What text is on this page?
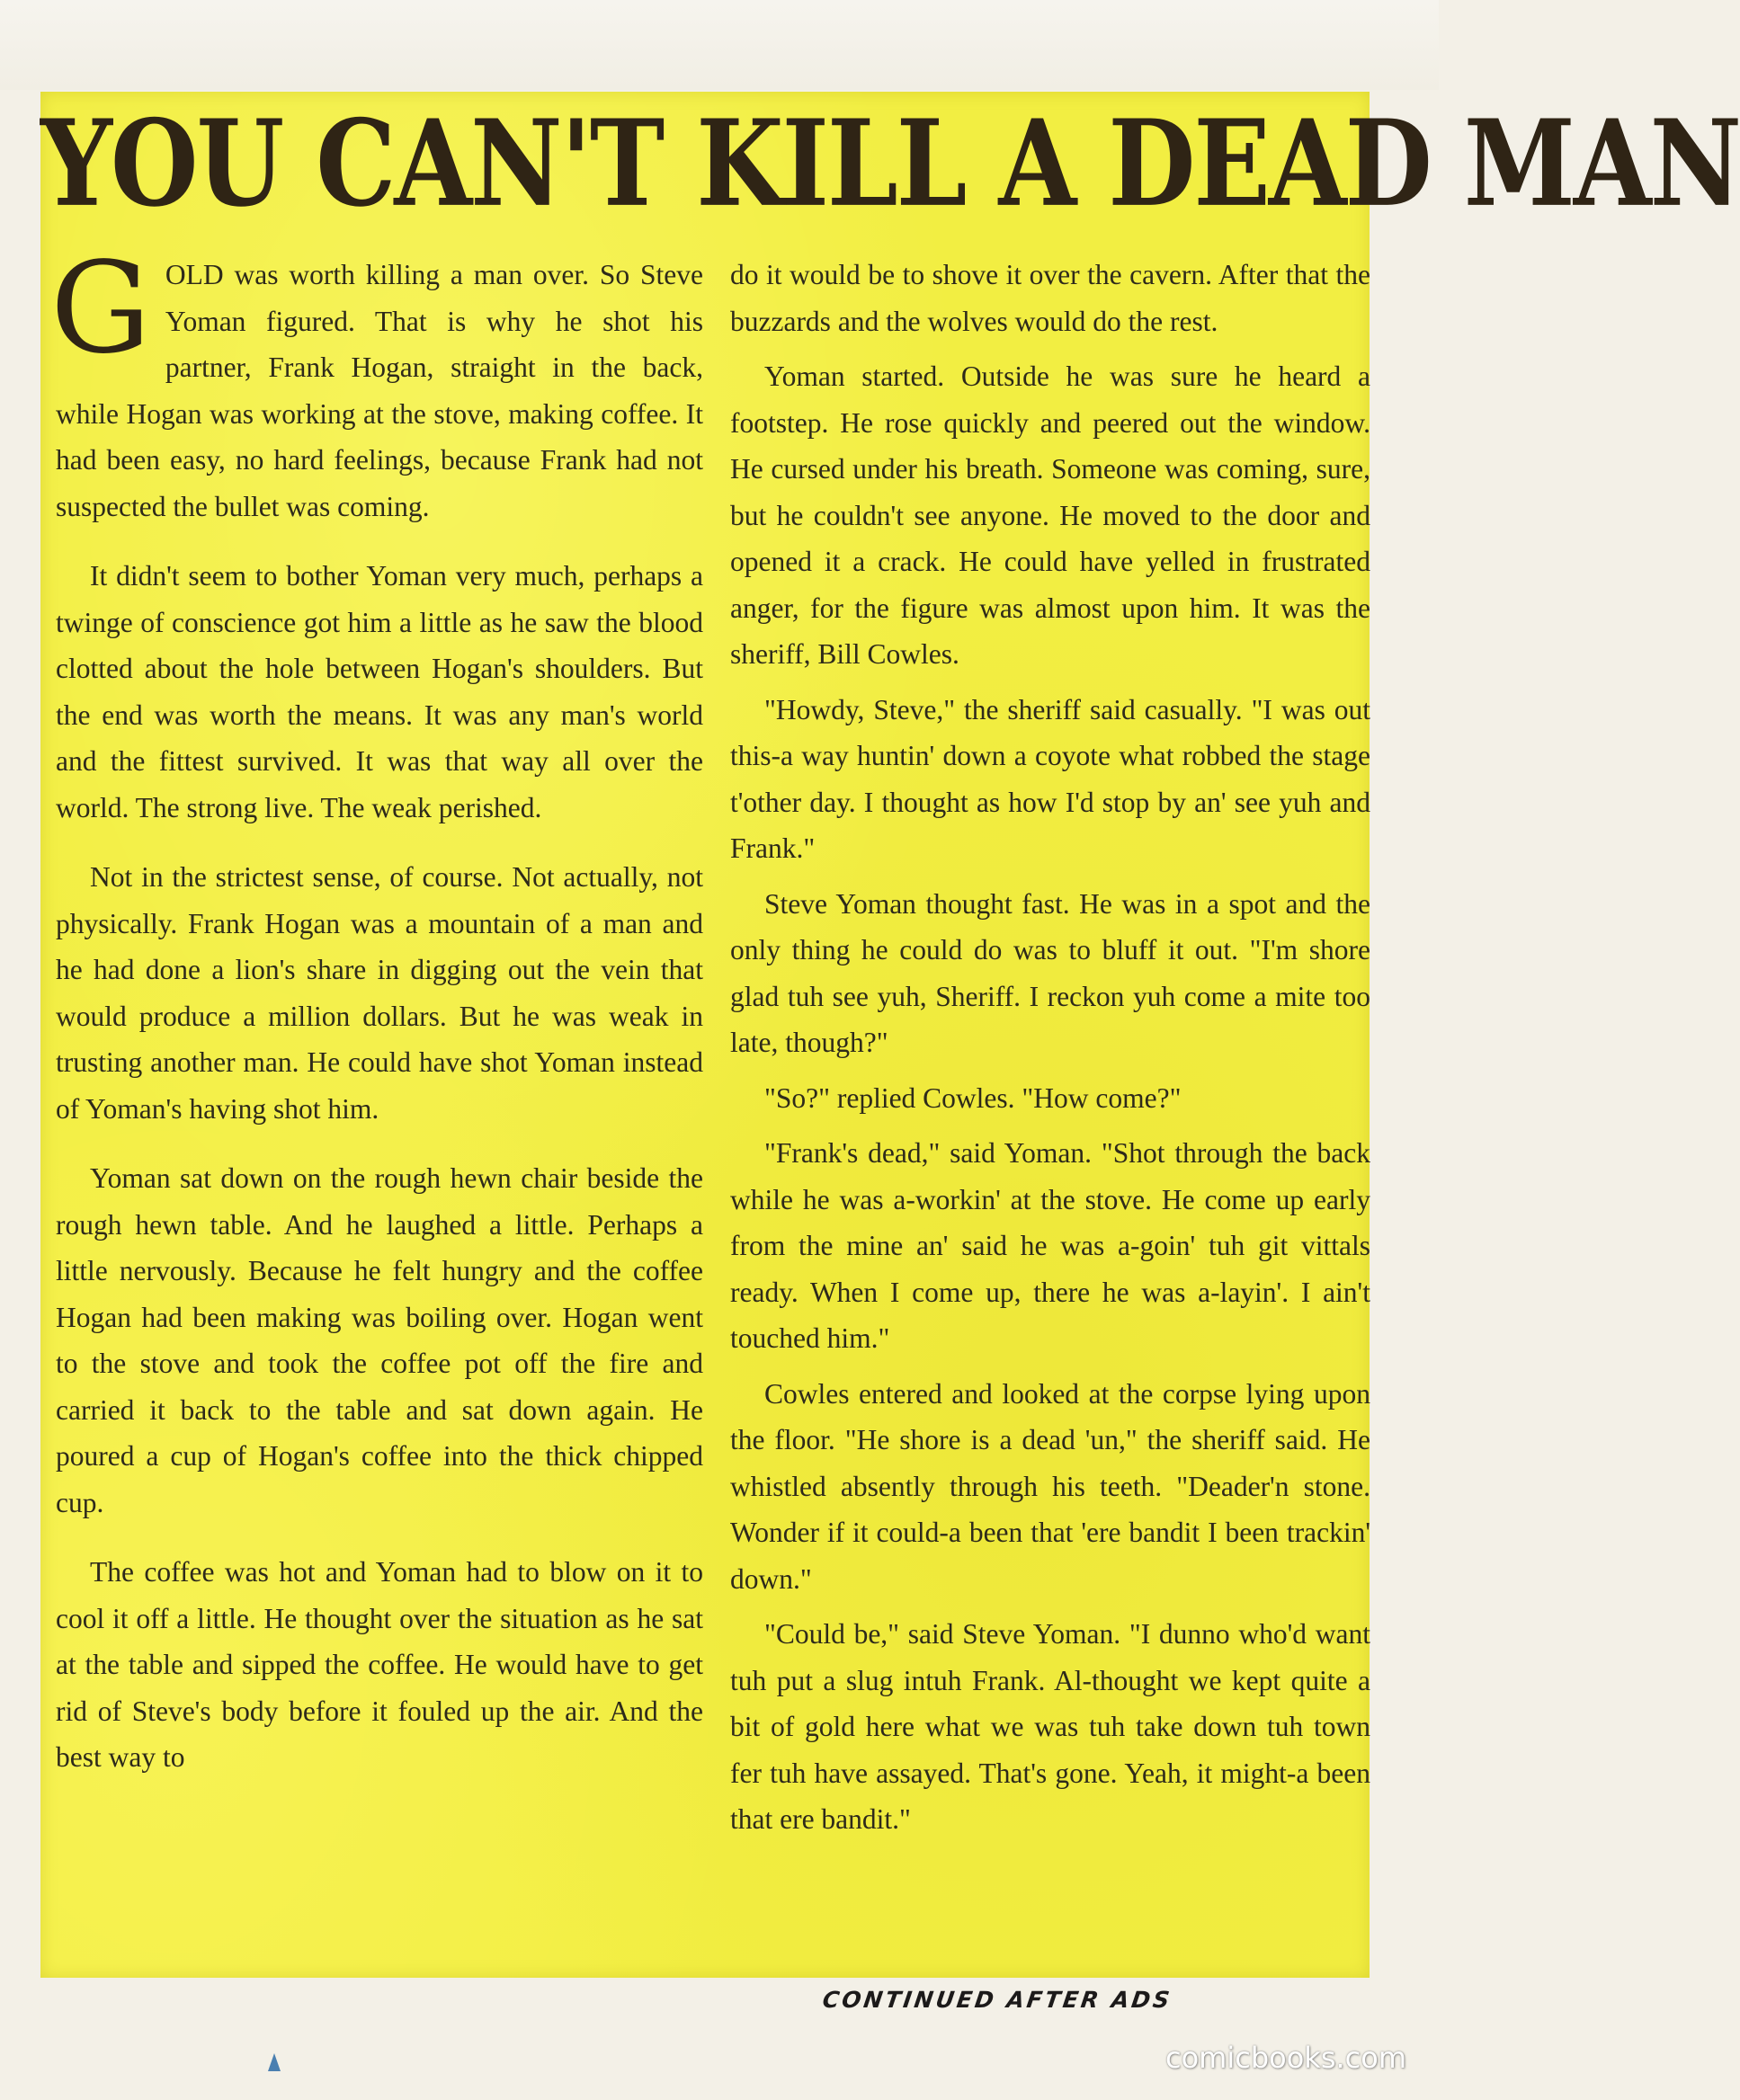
YOU CAN'T KILL A DEAD MAN

GOLD was worth killing a man over. So Steve Yoman figured. That is why he shot his partner, Frank Hogan, straight in the back, while Hogan was working at the stove, making coffee. It had been easy, no hard feelings, because Frank had not suspected the bullet was coming.

It didn't seem to bother Yoman very much, perhaps a twinge of conscience got him a little as he saw the blood clotted about the hole between Hogan's shoulders. But the end was worth the means. It was any man's world and the fittest survived. It was that way all over the world. The strong live. The weak perished.

Not in the strictest sense, of course. Not actually, not physically. Frank Hogan was a mountain of a man and he had done a lion's share in digging out the vein that would produce a million dollars. But he was weak in trusting another man. He could have shot Yoman instead of Yoman's having shot him.

Yoman sat down on the rough hewn chair beside the rough hewn table. And he laughed a little. Perhaps a little nervously. Because he felt hungry and the coffee Hogan had been making was boiling over. Hogan went to the stove and took the coffee pot off the fire and carried it back to the table and sat down again. He poured a cup of Hogan's coffee into the thick chipped cup.

The coffee was hot and Yoman had to blow on it to cool it off a little. He thought over the situation as he sat at the table and sipped the coffee. He would have to get rid of Steve's body before it fouled up the air. And the best way to

do it would be to shove it over the cavern. After that the buzzards and the wolves would do the rest.

Yoman started. Outside he was sure he heard a footstep. He rose quickly and peered out the window. He cursed under his breath. Someone was coming, sure, but he couldn't see anyone. He moved to the door and opened it a crack. He could have yelled in frustrated anger, for the figure was almost upon him. It was the sheriff, Bill Cowles.

"Howdy, Steve," the sheriff said casually. "I was out this-a way huntin' down a coyote what robbed the stage t'other day. I thought as how I'd stop by an' see yuh and Frank."

Steve Yoman thought fast. He was in a spot and the only thing he could do was to bluff it out. "I'm shore glad tuh see yuh, Sheriff. I reckon yuh come a mite too late, though?"

"So?" replied Cowles. "How come?"

"Frank's dead," said Yoman. "Shot through the back while he was a-workin' at the stove. He come up early from the mine an' said he was a-goin' tuh git vittals ready. When I come up, there he was a-layin'. I ain't touched him."

Cowles entered and looked at the corpse lying upon the floor. "He shore is a dead 'un," the sheriff said. He whistled absently through his teeth. "Deader'n stone. Wonder if it could-a been that 'ere bandit I been trackin' down."

"Could be," said Steve Yoman. "I dunno who'd want tuh put a slug intuh Frank. Al-thought we kept quite a bit of gold here what we was tuh take down tuh town fer tuh have assayed. That's gone. Yeah, it might-a been that ere bandit."

CONTINUED AFTER ADS
comicbooks.com
